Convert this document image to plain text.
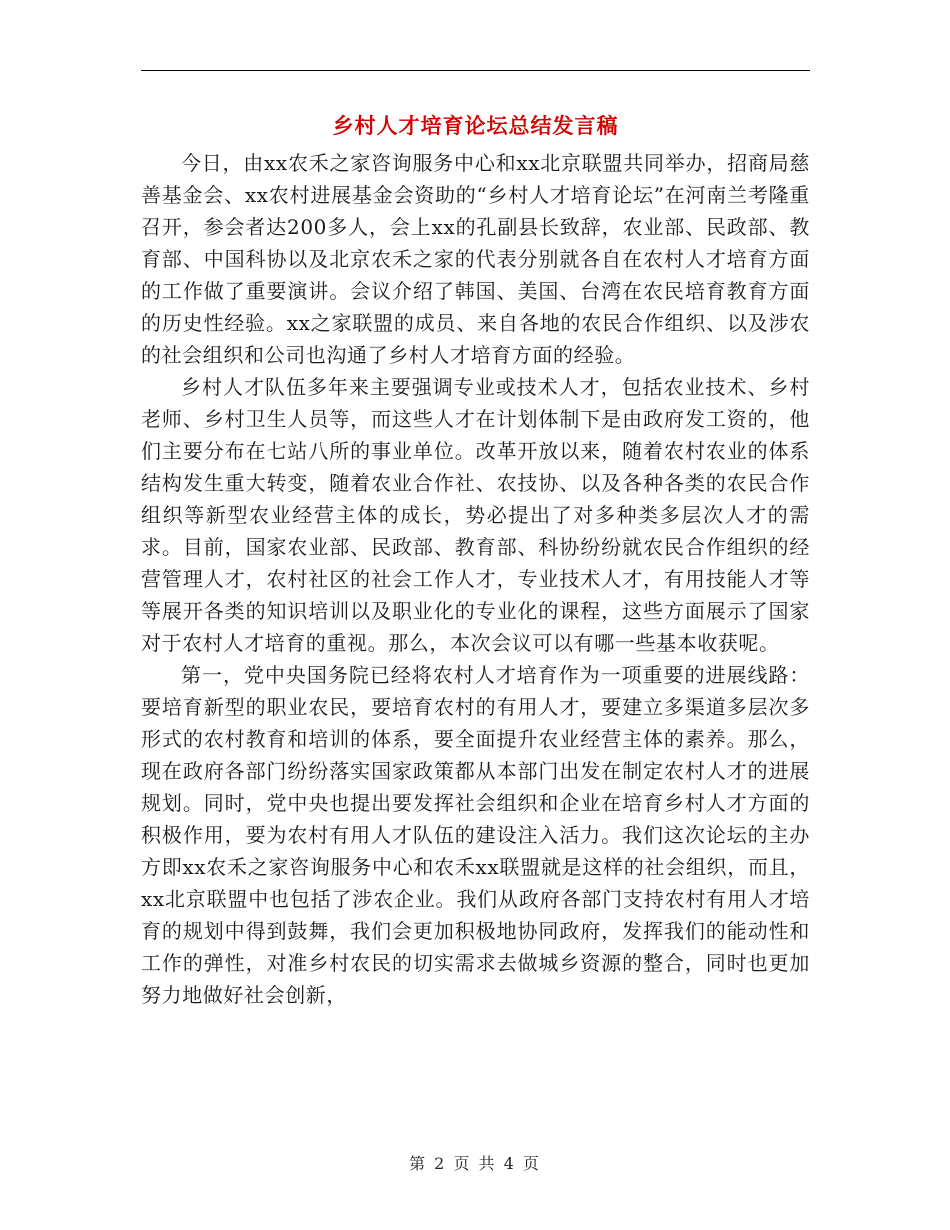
乡村人才培育论坛总结发言稿

今日，由xx农禾之家咨询服务中心和xx北京联盟共同举办，招商局慈善基金会、xx农村进展基金会资助的“乡村人才培育论坛”在河南兰考隆重召开，参会者达200多人，会上xx的孔副县长致辞，农业部、民政部、教育部、中国科协以及北京农禾之家的代表分别就各自在农村人才培育方面的工作做了重要演讲。会议介绍了韩国、美国、台湾在农民培育教育方面的历史性经验。xx之家联盟的成员、来自各地的农民合作组织、以及涉农的社会组织和公司也沟通了乡村人才培育方面的经验。

乡村人才队伍多年来主要强调专业或技术人才，包括农业技术、乡村老师、乡村卫生人员等，而这些人才在计划体制下是由政府发工资的，他们主要分布在七站八所的事业单位。改革开放以来，随着农村农业的体系结构发生重大转变，随着农业合作社、农技协、以及各种各类的农民合作组织等新型农业经营主体的成长，势必提出了对多种类多层次人才的需求。目前，国家农业部、民政部、教育部、科协纷纷就农民合作组织的经营管理人才，农村社区的社会工作人才，专业技术人才，有用技能人才等等展开各类的知识培训以及职业化的专业化的课程，这些方面展示了国家对于农村人才培育的重视。那么，本次会议可以有哪一些基本收获呢。

第一，党中央国务院已经将农村人才培育作为一项重要的进展线路：要培育新型的职业农民，要培育农村的有用人才，要建立多渠道多层次多形式的农村教育和培训的体系，要全面提升农业经营主体的素养。那么，现在政府各部门纷纷落实国家政策都从本部门出发在制定农村人才的进展规划。同时，党中央也提出要发挥社会组织和企业在培育乡村人才方面的积极作用，要为农村有用人才队伍的建设注入活力。我们这次论坛的主办方即xx农禾之家咨询服务中心和农禾xx联盟就是这样的社会组织，而且，xx北京联盟中也包括了涉农企业。我们从政府各部门支持农村有用人才培育的规划中得到鼓舞，我们会更加积极地协同政府，发挥我们的能动性和工作的弹性，对准乡村农民的切实需求去做城乡资源的整合，同时也更加努力地做好社会创新，

第 2 页 共 4 页
